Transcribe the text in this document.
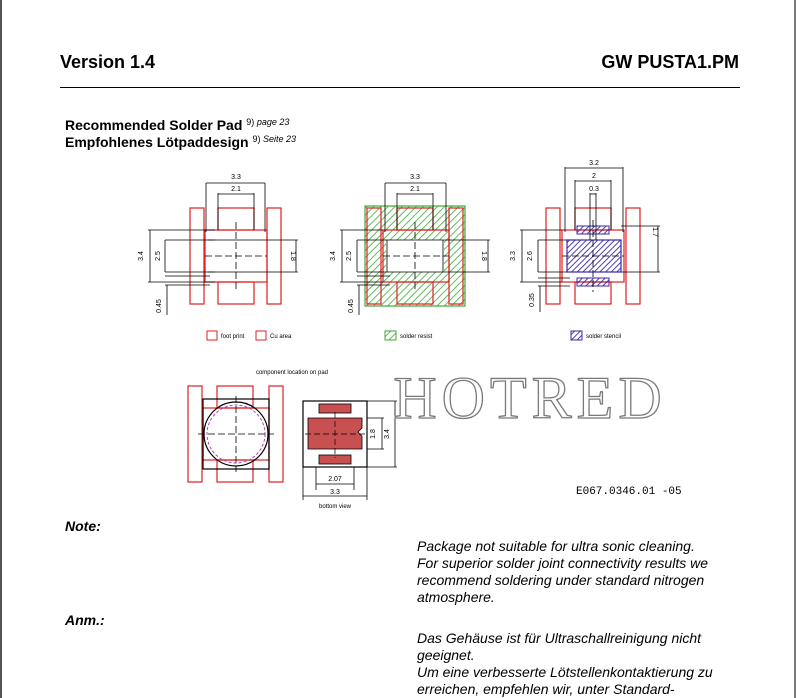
Version 1.4	GW PUSTA1.PM
Recommended Solder Pad $^{9) page 23}$
Empfohlenes Lötpaddesign $^{9) Seite 23}$
3.3
2.1
3.4 2.5	1.8
0.45
3.3
2.1
3.4 2.5	1.8
0.45
3.2
2
0.3
3.3 2.6
1.7
0.35
foot print	Cu area	solder resist	solder stencil
component location on pad
1.8 3.4
2.07
3.3
bottom view
E067.0346.01 -05
HOTRED
Note:

Package not suitable for ultra sonic cleaning.

For superior solder joint connectivity results we

recommend soldering under standard nitrogen

atmosphere.

Anm.:

Das Gehäuse ist für Ultraschallreinigung nicht

geeignet.

Um eine verbesserte Lötstellenkontaktierung zu

erreichen, empfehlen wir, unter Standard-
